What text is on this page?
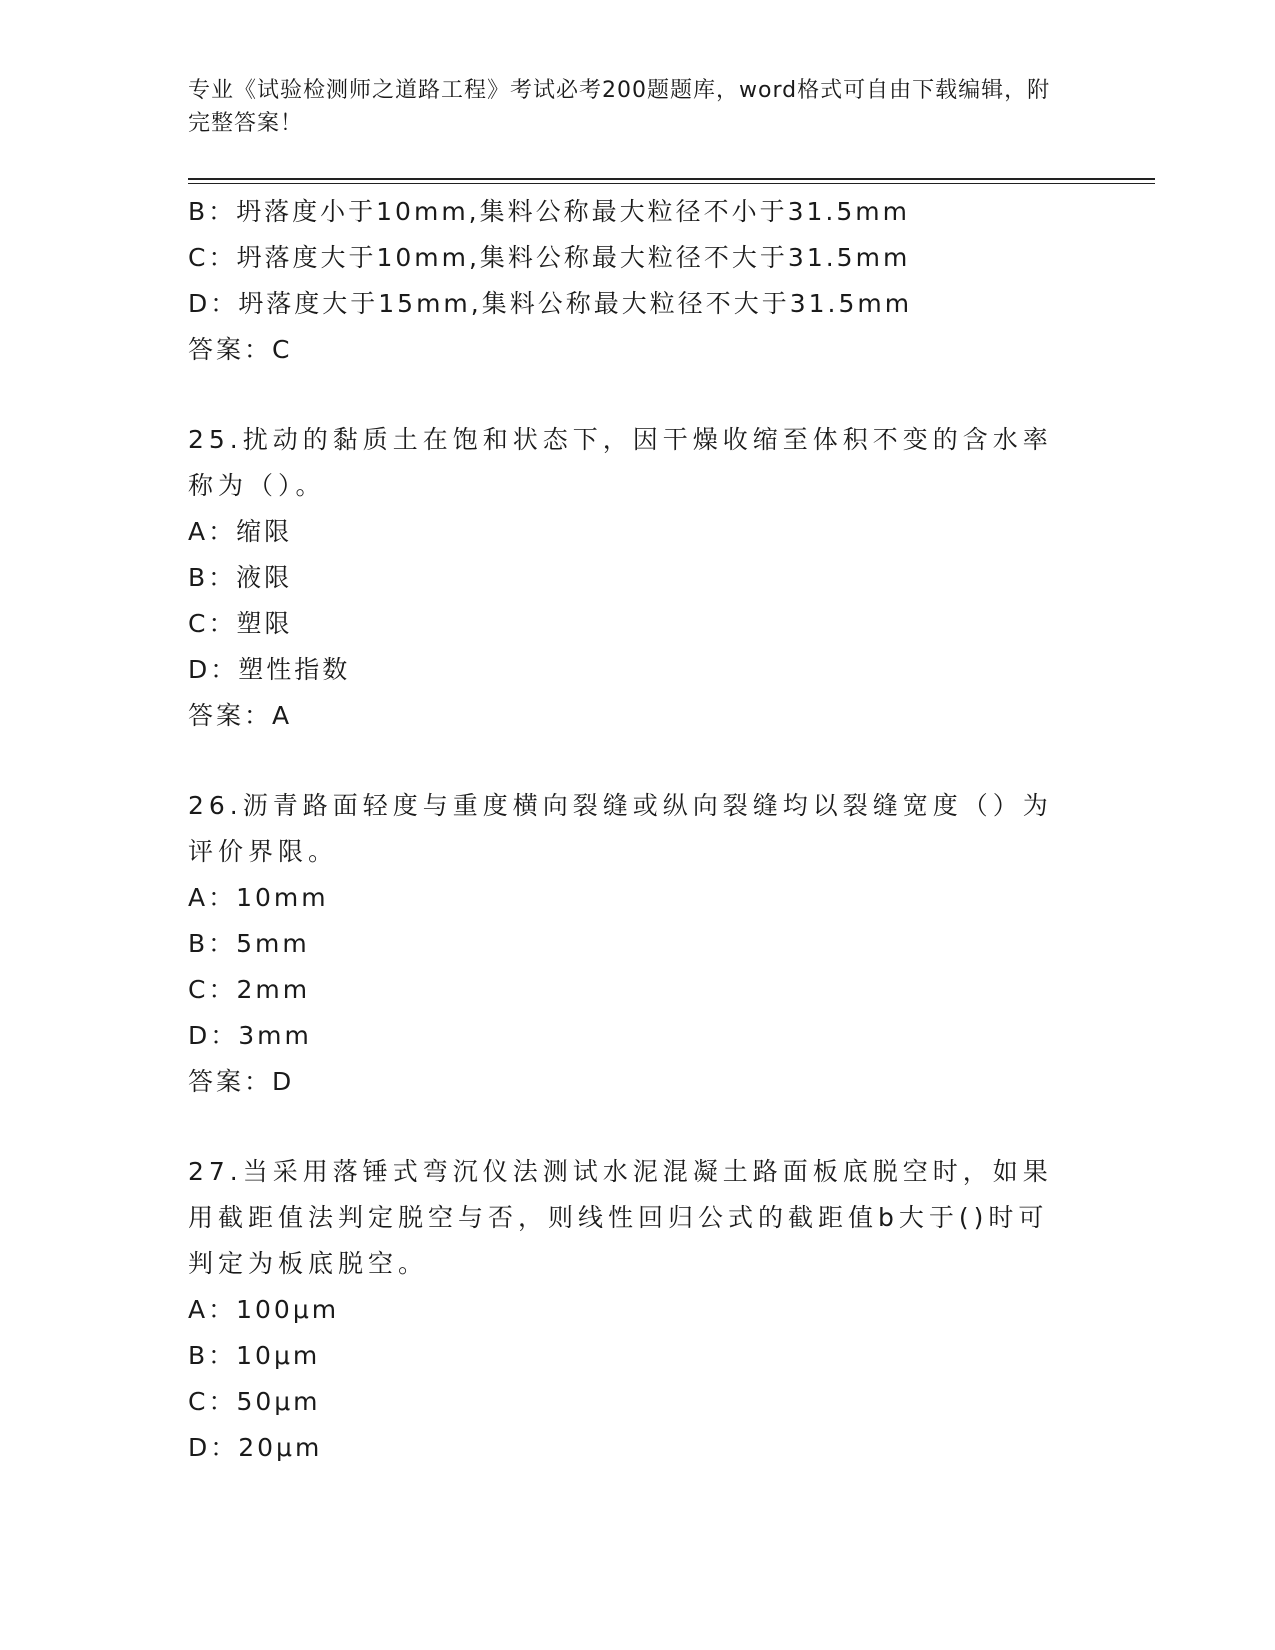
专业《试验检测师之道路工程》考试必考200题题库，word格式可自由下载编辑，附完整答案！

B：坍落度小于10mm,集料公称最大粒径不小于31.5mm

C：坍落度大于10mm,集料公称最大粒径不大于31.5mm

D：坍落度大于15mm,集料公称最大粒径不大于31.5mm

答案：C

25.扰动的黏质土在饱和状态下，因干燥收缩至体积不变的含水率称为（）。

A：缩限

B：液限

C：塑限

D：塑性指数

答案：A

26.沥青路面轻度与重度横向裂缝或纵向裂缝均以裂缝宽度（）为评价界限。

A：10mm

B：5mm

C：2mm

D：3mm

答案：D

27.当采用落锤式弯沉仪法测试水泥混凝土路面板底脱空时，如果用截距值法判定脱空与否，则线性回归公式的截距值b大于()时可判定为板底脱空。

A：100μm

B：10μm

C：50μm

D：20μm
